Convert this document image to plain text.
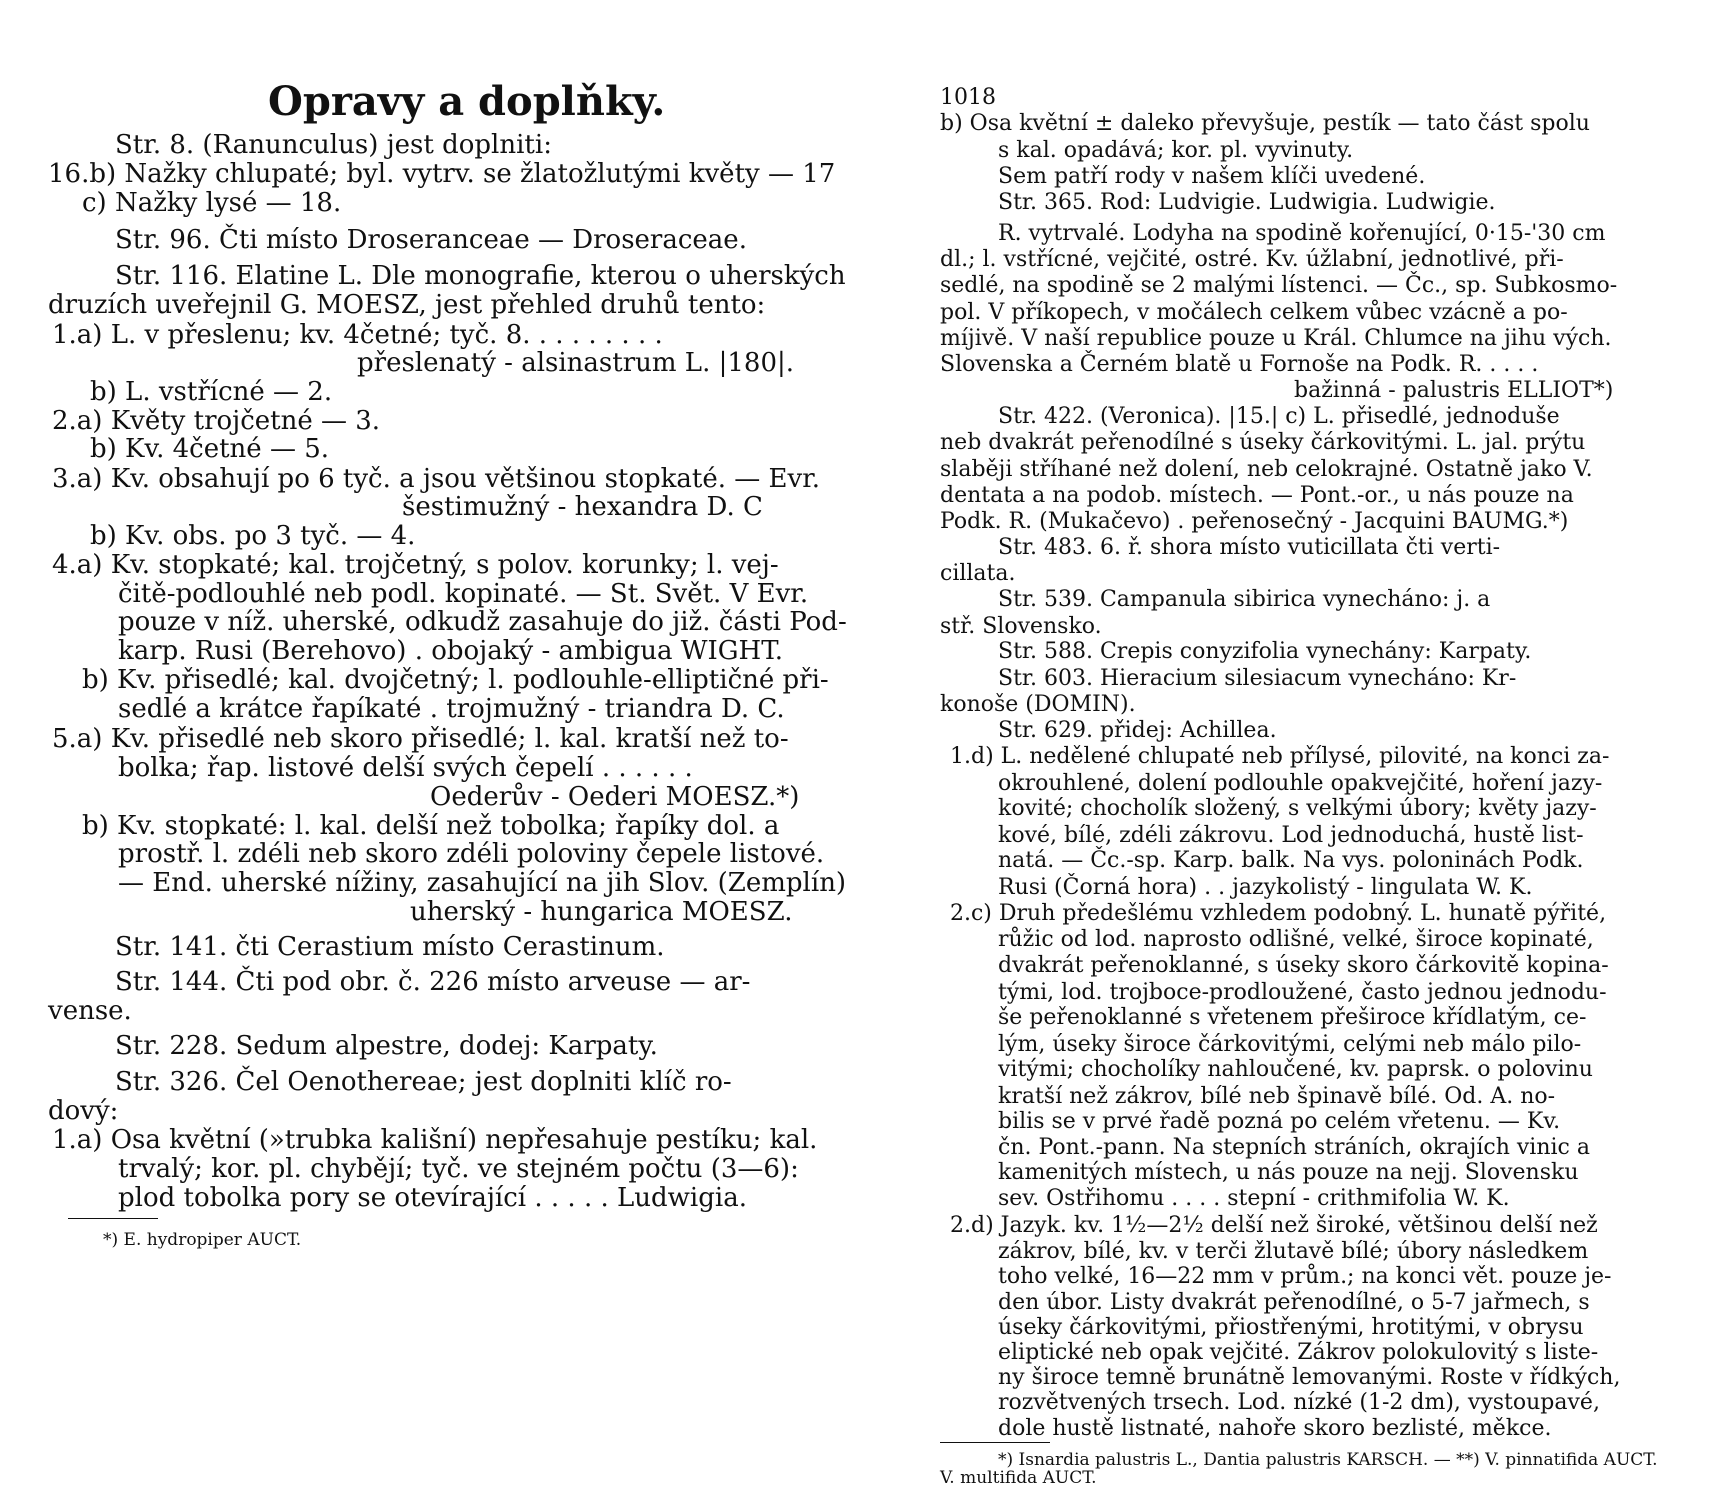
Opravy a doplňky.
Str. 8. (Ranunculus) jest doplniti:
16.b) Nažky chlupaté; byl. vytrv. se žlatožlutými květy — 17
c) Nažky lysé — 18.
Str. 96. Čti místo Droseranceae — Droseraceae.
Str. 116. Elatine L. Dle monografie, kterou o uherských
druzích uveřejnil G. MOESZ, jest přehled druhů tento:
1.a) L. v přeslenu; kv. 4četné; tyč. 8. . . . . . . . .
přeslenatý - alsinastrum L. |180|.
b) L. vstřícné — 2.
2.a) Květy trojčetné — 3.
b) Kv. 4četné — 5.
3.a) Kv. obsahují po 6 tyč. a jsou většinou stopkaté. — Evr.
šestimužný - hexandra D. C
b) Kv. obs. po 3 tyč. — 4.
4.a) Kv. stopkaté; kal. trojčetný, s polov. korunky; l. vej-
čitě-podlouhlé neb podl. kopinaté. — St. Svět. V Evr.
pouze v níž. uherské, odkudž zasahuje do již. části Pod-
karp. Rusi (Berehovo) . obojaký - ambigua WIGHT.
b) Kv. přisedlé; kal. dvojčetný; l. podlouhle-elliptičné při-
sedlé a krátce řapíkaté . trojmužný - triandra D. C.
5.a) Kv. přisedlé neb skoro přisedlé; l. kal. kratší než to-
bolka; řap. listové delší svých čepelí . . . . . .
Oederův - Oederi MOESZ.*)
b) Kv. stopkaté: l. kal. delší než tobolka; řapíky dol. a
prostř. l. zdéli neb skoro zdéli poloviny čepele listové.
— End. uherské nížiny, zasahující na jih Slov. (Zemplín)
uherský - hungarica MOESZ.
Str. 141. čti Cerastium místo Cerastinum.
Str. 144. Čti pod obr. č. 226 místo arveuse — ar-
vense.
Str. 228. Sedum alpestre, dodej: Karpaty.
Str. 326. Čel Oenothereae; jest doplniti klíč ro-
dový:
1.a) Osa květní (»trubka kališní) nepřesahuje pestíku; kal.
trvalý; kor. pl. chybějí; tyč. ve stejném počtu (3—6):
plod tobolka pory se otevírající . . . . . Ludwigia.
*) E. hydropiper AUCT.
1018
b) Osa květní ± daleko převyšuje, pestík — tato část spolu
s kal. opadává; kor. pl. vyvinuty.
Sem patří rody v našem klíči uvedené.
Str. 365. Rod: Ludvigie. Ludwigia. Ludwigie.
R. vytrvalé. Lodyha na spodině kořenující, 0·15-'30 cm
dl.; l. vstřícné, vejčité, ostré. Kv. úžlabní, jednotlivé, při-
sedlé, na spodině se 2 malými lístenci. — Čc., sp. Subkosmo-
pol. V příkopech, v močálech celkem vůbec vzácně a po-
míjivě. V naší republice pouze u Král. Chlumce na jihu vých.
Slovenska a Černém blatě u Fornoše na Podk. R. . . . .
bažinná - palustris ELLIOT*)
Str. 422. (Veronica). |15.| c) L. přisedlé, jednoduše
neb dvakrát peřenodílné s úseky čárkovitými. L. jal. prýtu
slaběji stříhané než dolení, neb celokrajné. Ostatně jako V.
dentata a na podob. místech. — Pont.-or., u nás pouze na
Podk. R. (Mukačevo) . peřenosečný - Jacquini BAUMG.*)
Str. 483. 6. ř. shora místo vuticillata čti verti-
cillata.
Str. 539. Campanula sibirica vynecháno: j. a
stř. Slovensko.
Str. 588. Crepis conyzifolia vynechány: Karpaty.
Str. 603. Hieracium silesiacum vynecháno: Kr-
konoše (DOMIN).
Str. 629. přidej: Achillea.
1.d) L. nedělené chlupaté neb přílysé, pilovité, na konci za-
okrouhlené, dolení podlouhle opakvejčité, hoření jazy-
kovité; chocholík složený, s velkými úbory; květy jazy-
kové, bílé, zdéli zákrovu. Lod jednoduchá, hustě list-
natá. — Čc.-sp. Karp. balk. Na vys. poloninách Podk.
Rusi (Čorná hora) . . jazykolistý - lingulata W. K.
2.c) Druh předešlému vzhledem podobný. L. hunatě pýřité,
růžic od lod. naprosto odlišné, velké, široce kopinaté,
dvakrát peřenoklanné, s úseky skoro čárkovitě kopina-
tými, lod. trojboce-prodloužené, často jednou jednodu-
še peřenoklanné s vřetenem přeširoce křídlatým, ce-
lým, úseky široce čárkovitými, celými neb málo pilo-
vitými; chocholíky nahloučené, kv. paprsk. o polovinu
kratší než zákrov, bílé neb špinavě bílé. Od. A. no-
bilis se v prvé řadě pozná po celém vřetenu. — Kv.
čn. Pont.-pann. Na stepních stráních, okrajích vinic a
kamenitých místech, u nás pouze na nejj. Slovensku
sev. Ostřihomu . . . . stepní - crithmifolia W. K.
2.d) Jazyk. kv. 1½—2½ delší než široké, většinou delší než
zákrov, bílé, kv. v terči žlutavě bílé; úbory následkem
toho velké, 16—22 mm v prům.; na konci vět. pouze je-
den úbor. Listy dvakrát peřenodílné, o 5-7 jařmech, s
úseky čárkovitými, přiostřenými, hrotitými, v obrysu
eliptické neb opak vejčité. Zákrov polokulovitý s liste-
ny široce temně brunátně lemovanými. Roste v řídkých,
rozvětvených trsech. Lod. nízké (1-2 dm), vystoupavé,
dole hustě listnaté, nahoře skoro bezlisté, měkce.
*) Isnardia palustris L., Dantia palustris KARSCH. — **) V. pinnatifida AUCT.
V. multifida AUCT.
